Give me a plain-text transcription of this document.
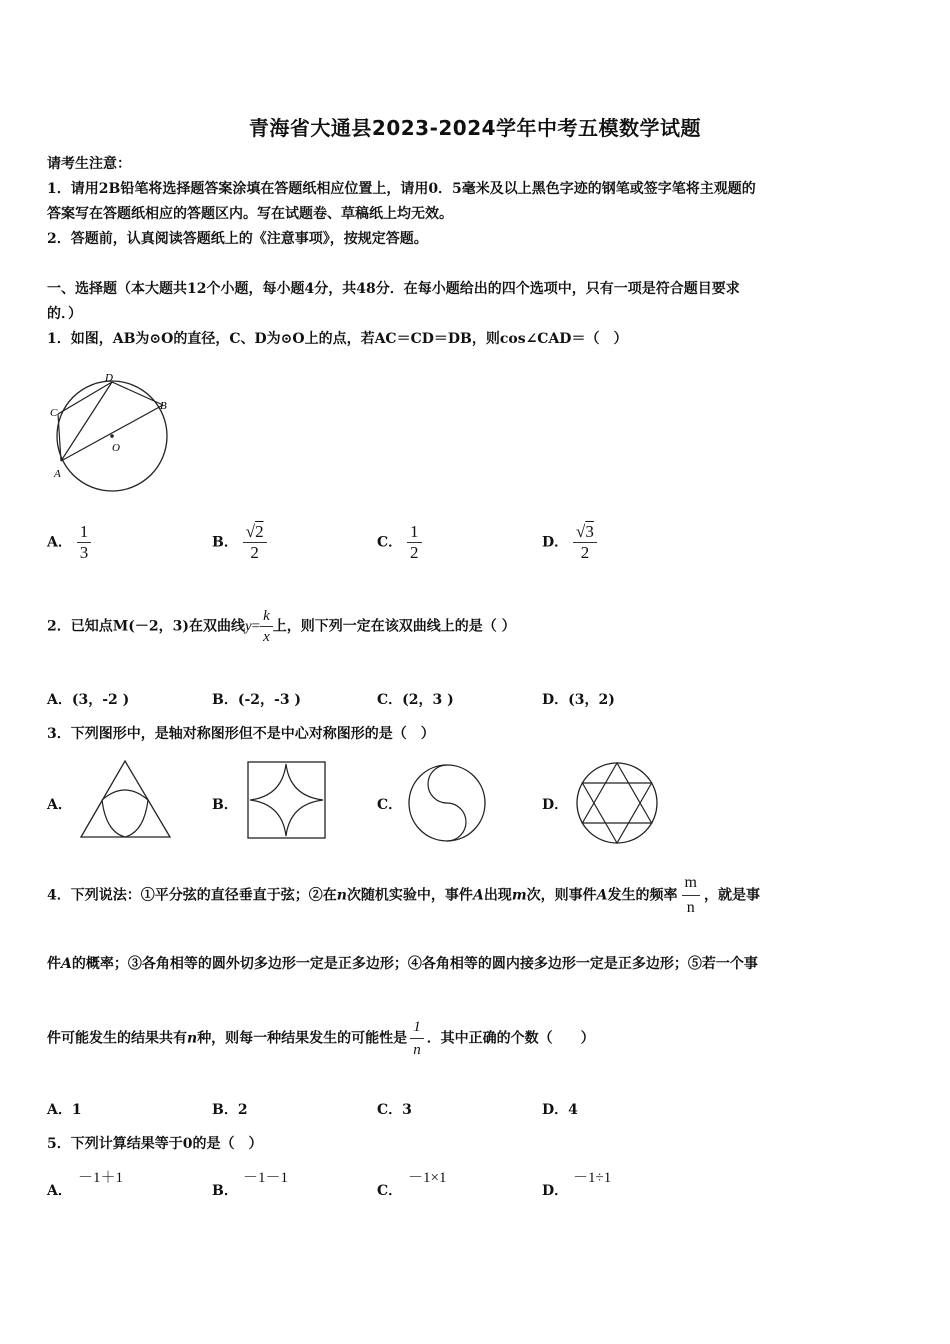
青海省大通县2023-2024学年中考五模数学试题
请考生注意：
1．请用2B铅笔将选择题答案涂填在答题纸相应位置上，请用0．5毫米及以上黑色字迹的钢笔或签字笔将主观题的
答案写在答题纸相应的答题区内。写在试题卷、草稿纸上均无效。
2．答题前，认真阅读答题纸上的《注意事项》，按规定答题。
一、选择题（本大题共12个小题，每小题4分，共48分．在每小题给出的四个选项中，只有一项是符合题目要求
的．）
1．如图，AB为⊙O的直径，C、D为⊙O上的点，若AC＝CD＝DB，则cos∠CAD＝（　）
D
C
B
A
O
A． $\frac{1}{3}$	B． $\frac{√2}{2}$	C． $\frac{1}{2}$	D． $\frac{√3}{2}$
2．已知点M(－2，3)在双曲线$y= \frac{k}{x}$ 上，则下列一定在该双曲线上的是（ ）
A．(3，-2 )	B．(-2，-3 )	C．(2，3 )	D．(3，2)
3．下列图形中，是轴对称图形但不是中心对称图形的是（　）
A．	B．	C．	D．
4．下列说法：①平分弦的直径垂直于弦；②在n次随机实验中，事件A出现m次，则事件A发生的频率 $\frac{m}{n}$ ，就是事
件A的概率；③各角相等的圆外切多边形一定是正多边形；④各角相等的圆内接多边形一定是正多边形；⑤若一个事
件可能发生的结果共有n种，则每一种结果发生的可能性是 $\frac{1}{n}$ ．其中正确的个数（　　）
A．1	B．2	C．3	D．4
5．下列计算结果等于0的是（　）
A．
－1＋1
B．
－1－1
C．
－1×1
D．
－1÷1
